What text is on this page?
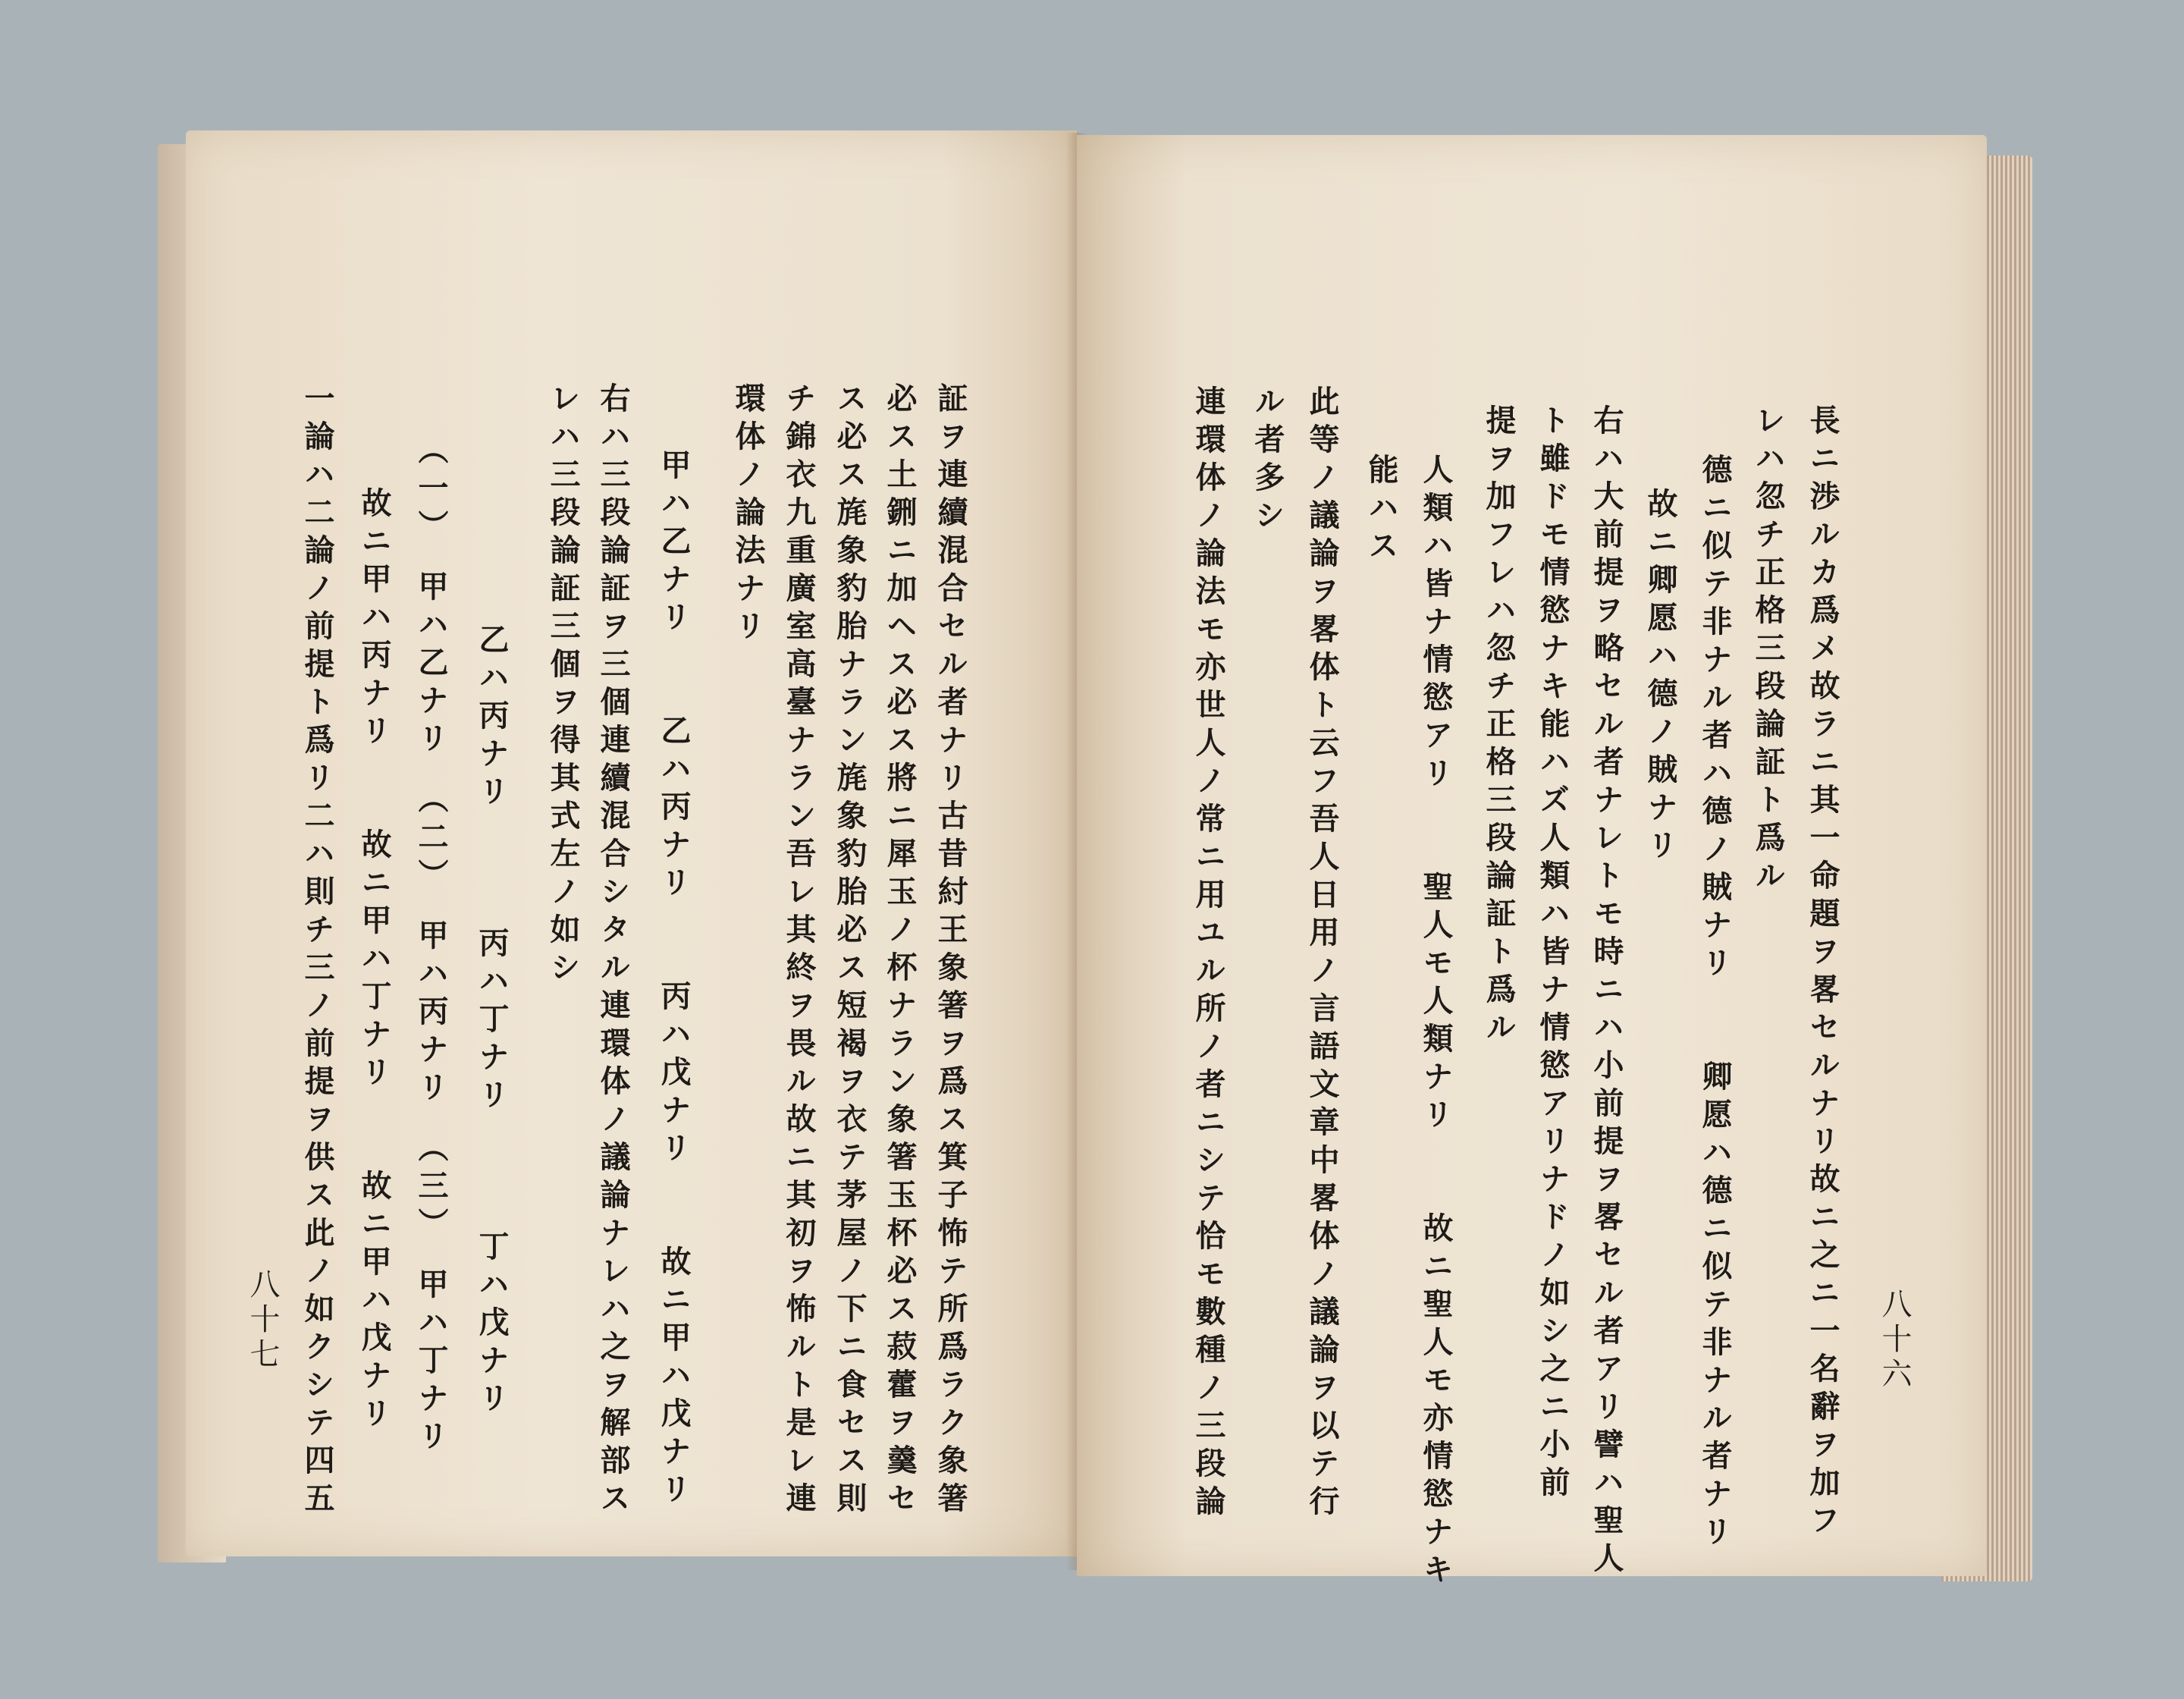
証ヲ連續混合セル者ナリ古昔紂王象箸ヲ爲ス箕子怖テ所爲ラク象箸
必ス土鉶ニ加ヘス必ス將ニ犀玉ノ杯ナラン象箸玉杯必ス菽藿ヲ羹セ
ス必ス旄象豹胎ナラン旄象豹胎必ス短褐ヲ衣テ茅屋ノ下ニ食セス則
チ錦衣九重廣室高臺ナラン吾レ其終ヲ畏ル故ニ其初ヲ怖ルト是レ連
環体ノ論法ナリ
甲ハ乙ナリ　　乙ハ丙ナリ　　丙ハ戊ナリ　　故ニ甲ハ戊ナリ
右ハ三段論証ヲ三個連續混合シタル連環体ノ議論ナレハ之ヲ解部ス
レハ三段論証三個ヲ得其式左ノ如シ
乙ハ丙ナリ　　　丙ハ丁ナリ　　　丁ハ戊ナリ
（一）　甲ハ乙ナリ　（二）　甲ハ丙ナリ　（三）　甲ハ丁ナリ
故ニ甲ハ丙ナリ　　故ニ甲ハ丁ナリ　　故ニ甲ハ戊ナリ
一論ハ二論ノ前提ト爲リ二ハ則チ三ノ前提ヲ供ス此ノ如クシテ四五
八十七	八十六
長ニ渉ルカ爲メ故ラニ其一命題ヲ畧セルナリ故ニ之ニ一名辭ヲ加フ
レハ忽チ正格三段論証ト爲ル
德ニ似テ非ナル者ハ德ノ賊ナリ　　卿愿ハ德ニ似テ非ナル者ナリ
故ニ卿愿ハ德ノ賊ナリ
右ハ大前提ヲ略セル者ナレトモ時ニハ小前提ヲ畧セル者アリ譬ハ聖人
ト雖ドモ情慾ナキ能ハズ人類ハ皆ナ情慾アリナドノ如シ之ニ小前
提ヲ加フレハ忽チ正格三段論証ト爲ル
人類ハ皆ナ情慾アリ　　聖人モ人類ナリ　　故ニ聖人モ亦情慾ナキ
能ハス
此等ノ議論ヲ畧体ト云フ吾人日用ノ言語文章中畧体ノ議論ヲ以テ行
ル者多シ
連環体ノ論法モ亦世人ノ常ニ用ユル所ノ者ニシテ恰モ數種ノ三段論
